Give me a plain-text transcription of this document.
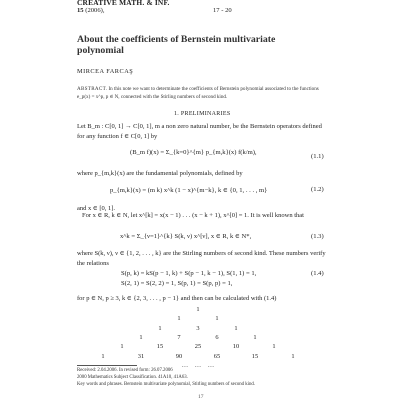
CREATIVE MATH. & INF.
15 (2006),	17 - 20
About the coefficients of Bernstein multivariate
polynomial
MIRCEA FARCAŞ
ABSTRACT. In this note we want to determinate the coefficients of Bernstein polynomial associated to the functions e_p(x) = x^p, p ∈ N, connected with the Stirling numbers of second kind.
1. PRELIMINARIES
Let B_m : C[0, 1] → C[0, 1], m a non zero natural number, be the Bernstein operators defined for any function f ∈ C[0, 1] by
(B_m f)(x) = Σ_{k=0}^{m} p_{m,k}(x) f(k/m),
(1.1)
where p_{m,k}(x) are the fundamental polynomials, defined by
p_{m,k}(x) = (m k) x^k (1 − x)^{m−k}, k ∈ {0, 1, . . . , m}	(1.2)
and x ∈ [0, 1].
For x ∈ R, k ∈ N, let x^[k] = x(x − 1) . . . (x − k + 1), x^[0] = 1. It is well known that
x^k = Σ_{ν=1}^{k} S(k, ν) x^[ν], x ∈ R, k ∈ N*,	(1.3)
where S(k, ν), ν ∈ {1, 2, . . . , k} are the Stirling numbers of second kind. These numbers verify the relations
S(p, k) = kS(p − 1, k) + S(p − 1, k − 1), S(1, 1) = 1,	(1.4)
S(2, 1) = S(2, 2) = 1, S(p, 1) = S(p, p) = 1,
for p ∈ N, p ≥ 3, k ∈ {2, 3, . . . , p − 1} and then can be calculated with (1.4)
1
1	1
1	3	1
1	7	6	1
1	15	25	10	1
1	31	90	65	15	1
…	…	…
Received: 2.04.2006. In revised form: 26.07.2006
2000 Mathematics Subject Classification. 41A10, 41A63.
Key words and phrases. Bernstein multivariate polynomial, Stirling numbers of second kind.
17
